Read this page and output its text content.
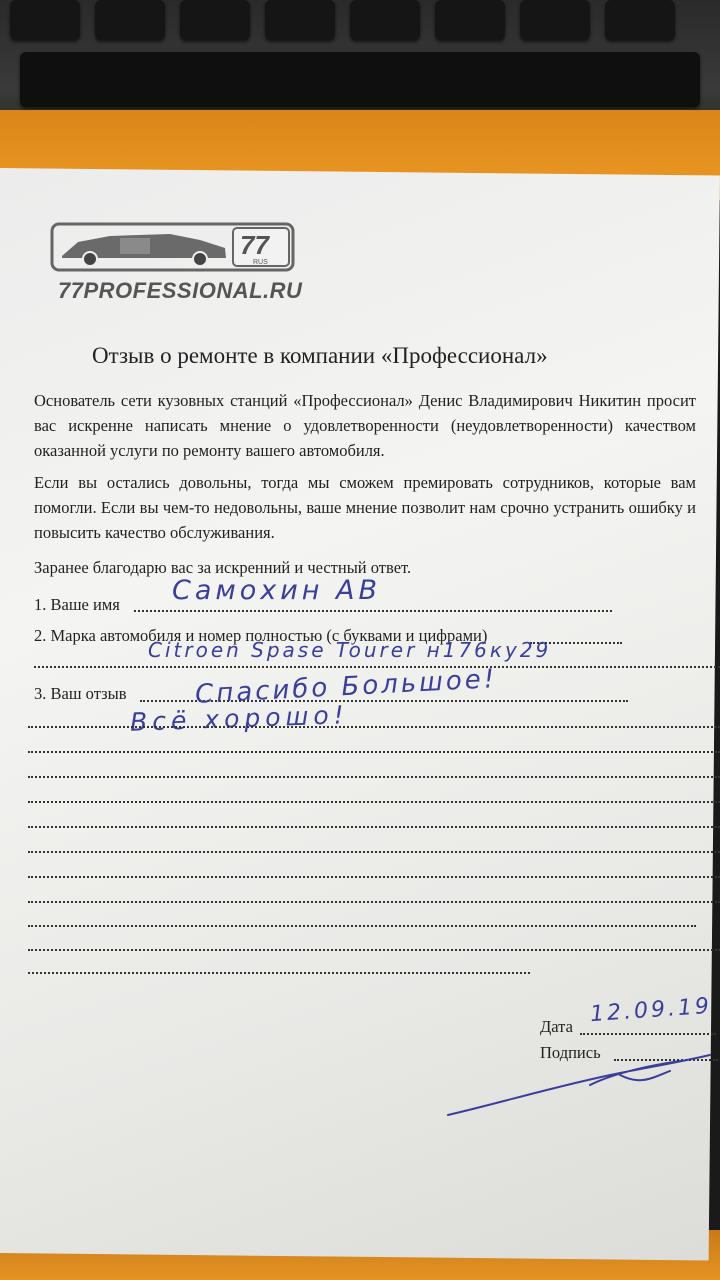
77
RUS
77PROFESSIONAL.RU
Отзыв о ремонте в компании «Профессионал»
Основатель сети кузовных станций «Профессионал» Денис Владимирович Никитин просит вас искренне написать мнение о удовлетворенности (неудовлетворенности) качеством оказанной услуги по ремонту вашего автомобиля.
Если вы остались довольны, тогда мы сможем премировать сотрудников, которые вам помогли. Если вы чем-то недовольны, ваше мнение позволит нам срочно устранить ошибку и повысить качество обслуживания.
Заранее благодарю вас за искренний и честный ответ.
1. Ваше имя Самохин АВ
2. Марка автомобиля и номер полностью (с буквами и цифрами)
Citroen Spase Tourer н176ку29
3. Ваш отзыв	Спасибо Большое!
Всё хорошо!
Дата 12.09.19
Подпись
